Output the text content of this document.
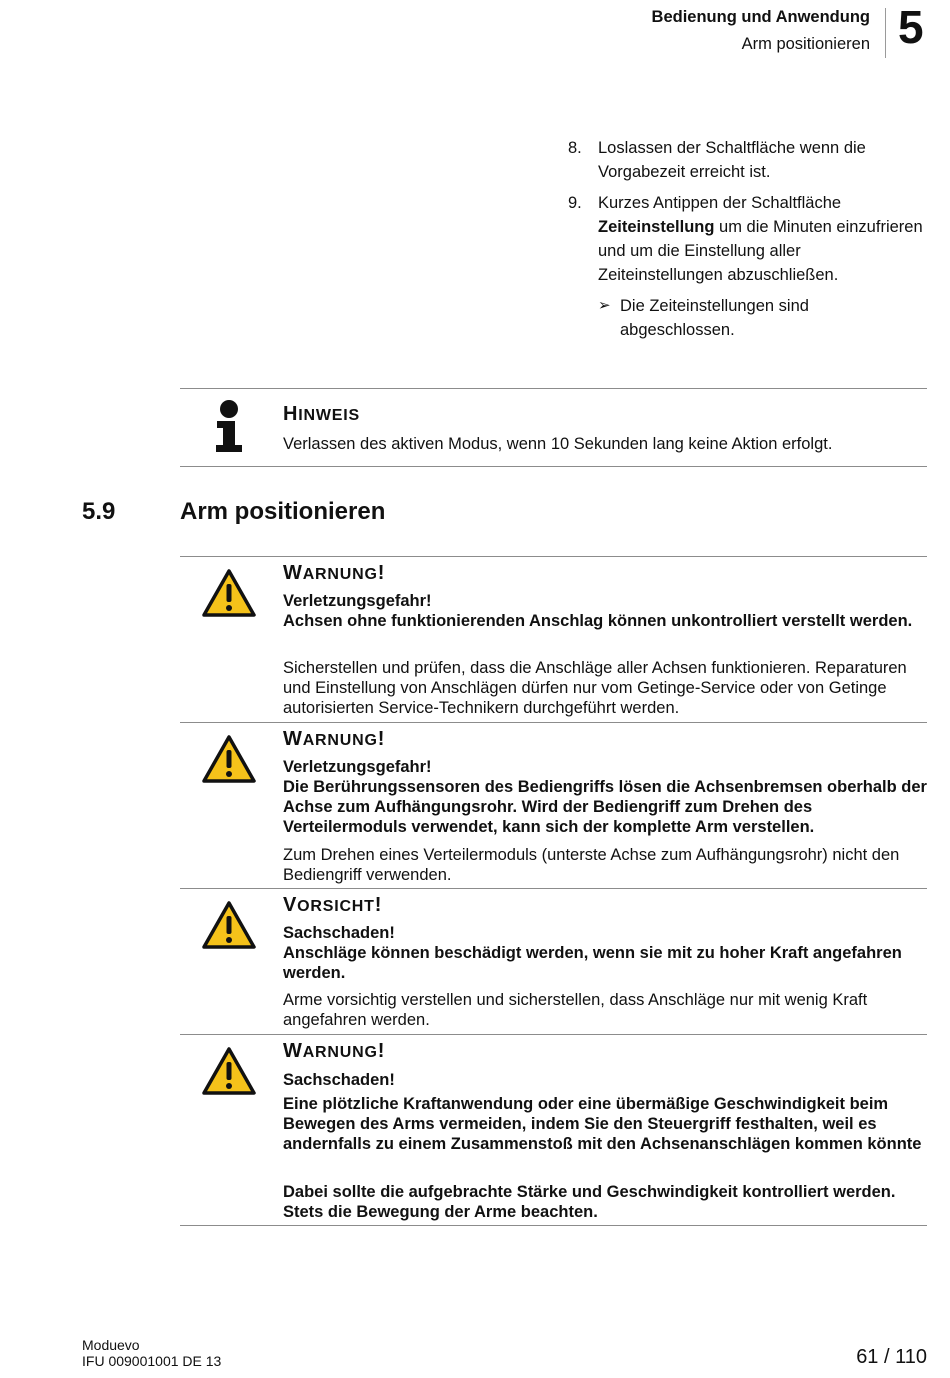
Bedienung und Anwendung
Arm positionieren 5
8. Loslassen der Schaltfläche wenn die Vorgabezeit erreicht ist.
9. Kurzes Antippen der Schaltfläche Zeiteinstellung um die Minuten einzufrieren und um die Einstellung aller Zeiteinstellungen abzuschließen.
➢ Die Zeiteinstellungen sind abgeschlossen.
HINWEIS
Verlassen des aktiven Modus, wenn 10 Sekunden lang keine Aktion erfolgt.
5.9	Arm positionieren
WARNUNG!
Verletzungsgefahr!
Achsen ohne funktionierenden Anschlag können unkontrolliert verstellt werden.
Sicherstellen und prüfen, dass die Anschläge aller Achsen funktionieren. Reparaturen und Einstellung von Anschlägen dürfen nur vom Getinge-Service oder von Getinge autorisierten Service-Technikern durchgeführt werden.
WARNUNG!
Verletzungsgefahr!
Die Berührungssensoren des Bediengriffs lösen die Achsenbremsen oberhalb der Achse zum Aufhängungsrohr. Wird der Bediengriff zum Drehen des Verteilermoduls verwendet, kann sich der komplette Arm verstellen.
Zum Drehen eines Verteilermoduls (unterste Achse zum Aufhängungsrohr) nicht den Bediengriff verwenden.
VORSICHT!
Sachschaden!
Anschläge können beschädigt werden, wenn sie mit zu hoher Kraft angefahren werden.
Arme vorsichtig verstellen und sicherstellen, dass Anschläge nur mit wenig Kraft angefahren werden.
WARNUNG!
Sachschaden!
Eine plötzliche Kraftanwendung oder eine übermäßige Geschwindigkeit beim Bewegen des Arms vermeiden, indem Sie den Steuergriff festhalten, weil es andernfalls zu einem Zusammenstoß mit den Achsenanschlägen kommen könnte
Dabei sollte die aufgebrachte Stärke und Geschwindigkeit kontrolliert werden. Stets die Bewegung der Arme beachten.
Moduevo
IFU 009001001 DE 13	61 / 110
